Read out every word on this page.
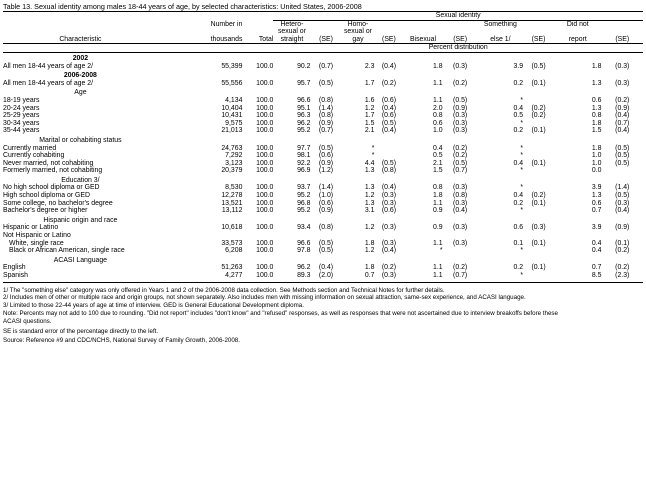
Table 13. Sexual identity among males 18-44 years of age, by selected characteristics: United States, 2006-2008
			Sexual identity									
	Number in		Hetero-		Homo-				Something		Did not	
			sexual or		sexual or							
Characteristic	thousands	Total	straight	(SE)	gay	(SE)	Bisexual	(SE)	else 1/	(SE)	report	(SE)
			Percent distribution									
2002												
All men 18-44 years of age 2/	55,399	100.0	90.2	(0.7)	2.3	(0.4)	1.8	(0.3)	3.9	(0.5)	1.8	(0.3)
2006-2008												
All men 18-44 years of age 2/	55,556	100.0	95.7	(0.5)	1.7	(0.2)	1.1	(0.2)	0.2	(0.1)	1.3	(0.3)
Age												
18-19 years	4,134	100.0	96.6	(0.8)	1.6	(0.6)	1.1	(0.5)	*		0.6	(0.2)
20-24 years	10,404	100.0	95.1	(1.4)	1.2	(0.4)	2.0	(0.9)	0.4	(0.2)	1.3	(0.9)
25-29 years	10,431	100.0	96.3	(0.8)	1.7	(0.6)	0.8	(0.3)	0.5	(0.2)	0.8	(0.4)
30-34 years	9,575	100.0	96.2	(0.9)	1.5	(0.5)	0.6	(0.3)	*		1.8	(0.7)
35-44 years	21,013	100.0	95.2	(0.7)	2.1	(0.4)	1.0	(0.3)	0.2	(0.1)	1.5	(0.4)
Marital or cohabiting status												
Currently married	24,763	100.0	97.7	(0.5)	*		0.4	(0.2)	*		1.8	(0.5)
Currently cohabiting	7,292	100.0	98.1	(0.6)	*		0.5	(0.2)	*		1.0	(0.5)
Never married, not cohabiting	3,123	100.0	92.2	(0.9)	4.4	(0.5)	2.1	(0.5)	0.4	(0.1)	1.0	(0.5)
Formerly married, not cohabiting	20,379	100.0	96.9	(1.2)	1.3	(0.8)	1.5	(0.7)	*		0.0	
Education 3/												
No high school diploma or GED	8,530	100.0	93.7	(1.4)	1.3	(0.4)	0.8	(0.3)	*		3.9	(1.4)
High school diploma or GED	12,278	100.0	95.2	(1.0)	1.2	(0.3)	1.8	(0.8)	0.4	(0.2)	1.3	(0.5)
Some college, no bachelor's degree	13,521	100.0	96.8	(0.6)	1.3	(0.3)	1.1	(0.3)	0.2	(0.1)	0.6	(0.3)
Bachelor's degree or higher	13,112	100.0	95.2	(0.9)	3.1	(0.6)	0.9	(0.4)	*		0.7	(0.4)
Hispanic origin and race												
Hispanic or Latino	10,618	100.0	93.4	(0.8)	1.2	(0.3)	0.9	(0.3)	0.6	(0.3)	3.9	(0.9)
Not Hispanic or Latino												
White, single race	33,573	100.0	96.6	(0.5)	1.8	(0.3)	1.1	(0.3)	0.1	(0.1)	0.4	(0.1)
Black or African American, single race	6,208	100.0	97.8	(0.5)	1.2	(0.4)	*		*		0.4	(0.2)
ACASI Language												
English	51,263	100.0	96.2	(0.4)	1.8	(0.2)	1.1	(0.2)	0.2	(0.1)	0.7	(0.2)
Spanish	4,277	100.0	89.3	(2.0)	0.7	(0.3)	1.1	(0.7)	*		8.5	(2.3)
1/ The "something else" category was only offered in Years 1 and 2 of the 2006-2008 data collection. See Methods section and Technical Notes for further details.
2/ Includes men of other or multiple race and origin groups, not shown separately. Also includes men with missing information on sexual attraction, same-sex experience, and ACASI language.
3/ Limited to those 22-44 years of age at time of interview. GED is General Educational Development diploma.
Note: Percents may not add to 100 due to rounding. "Did not report" includes "don't know" and "refused" responses, as well as responses that were not ascertained due to interview breakoffs before these
ACASI questions.
SE is standard error of the percentage directly to the left.
Source: Reference #9 and CDC/NCHS, National Survey of Family Growth, 2006-2008.
